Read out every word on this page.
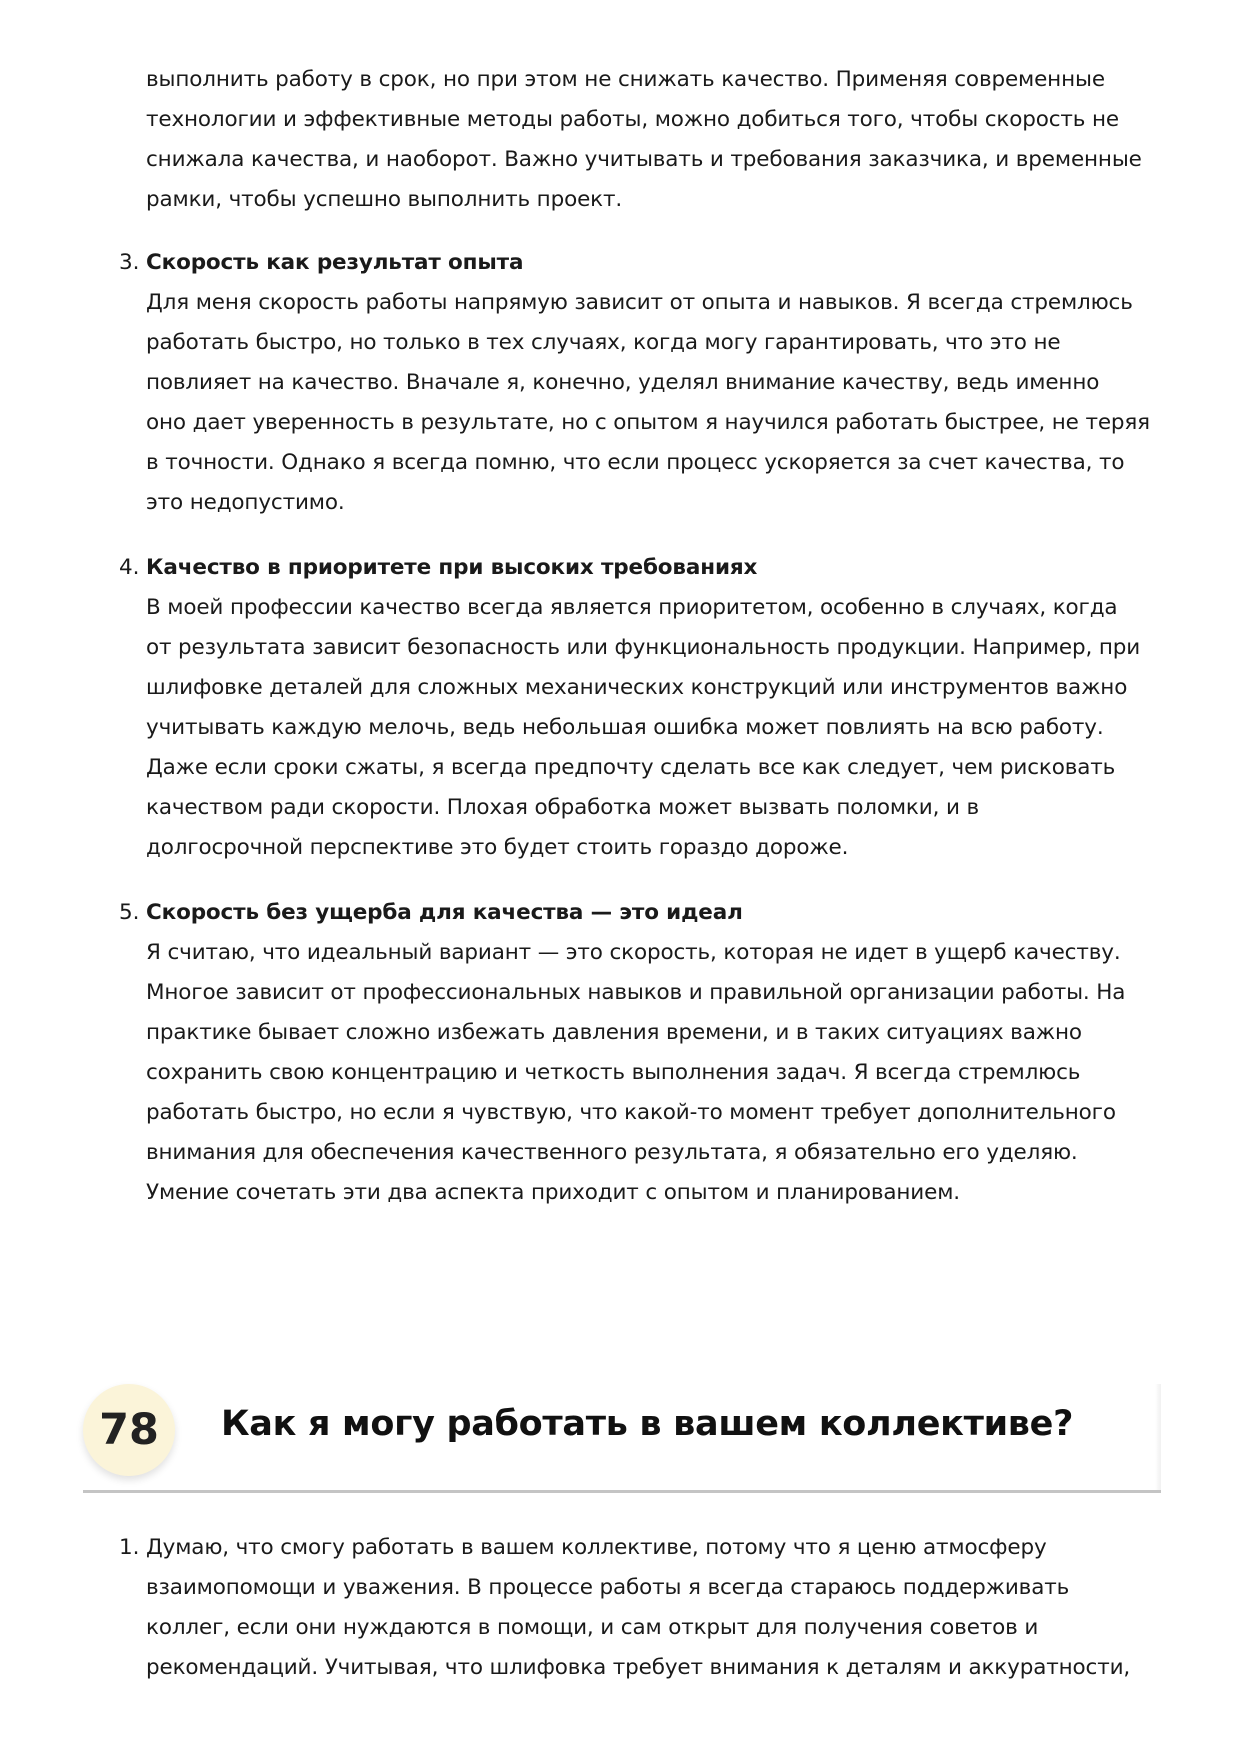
выполнить работу в срок, но при этом не снижать качество. Применяя современные

технологии и эффективные методы работы, можно добиться того, чтобы скорость не

снижала качества, и наоборот. Важно учитывать и требования заказчика, и временные

рамки, чтобы успешно выполнить проект.

3. Скорость как результат опыта

Для меня скорость работы напрямую зависит от опыта и навыков. Я всегда стремлюсь

работать быстро, но только в тех случаях, когда могу гарантировать, что это не

повлияет на качество. Вначале я, конечно, уделял внимание качеству, ведь именно

оно дает уверенность в результате, но с опытом я научился работать быстрее, не теряя

в точности. Однако я всегда помню, что если процесс ускоряется за счет качества, то

это недопустимо.

4. Качество в приоритете при высоких требованиях

В моей профессии качество всегда является приоритетом, особенно в случаях, когда

от результата зависит безопасность или функциональность продукции. Например, при

шлифовке деталей для сложных механических конструкций или инструментов важно

учитывать каждую мелочь, ведь небольшая ошибка может повлиять на всю работу.

Даже если сроки сжаты, я всегда предпочту сделать все как следует, чем рисковать

качеством ради скорости. Плохая обработка может вызвать поломки, и в

долгосрочной перспективе это будет стоить гораздо дороже.

5. Скорость без ущерба для качества — это идеал

Я считаю, что идеальный вариант — это скорость, которая не идет в ущерб качеству.

Многое зависит от профессиональных навыков и правильной организации работы. На

практике бывает сложно избежать давления времени, и в таких ситуациях важно

сохранить свою концентрацию и четкость выполнения задач. Я всегда стремлюсь

работать быстро, но если я чувствую, что какой-то момент требует дополнительного

внимания для обеспечения качественного результата, я обязательно его уделяю.

Умение сочетать эти два аспекта приходит с опытом и планированием.

78	Как я могу работать в вашем коллективе?
1. Думаю, что смогу работать в вашем коллективе, потому что я ценю атмосферу

взаимопомощи и уважения. В процессе работы я всегда стараюсь поддерживать

коллег, если они нуждаются в помощи, и сам открыт для получения советов и

рекомендаций. Учитывая, что шлифовка требует внимания к деталям и аккуратности,
